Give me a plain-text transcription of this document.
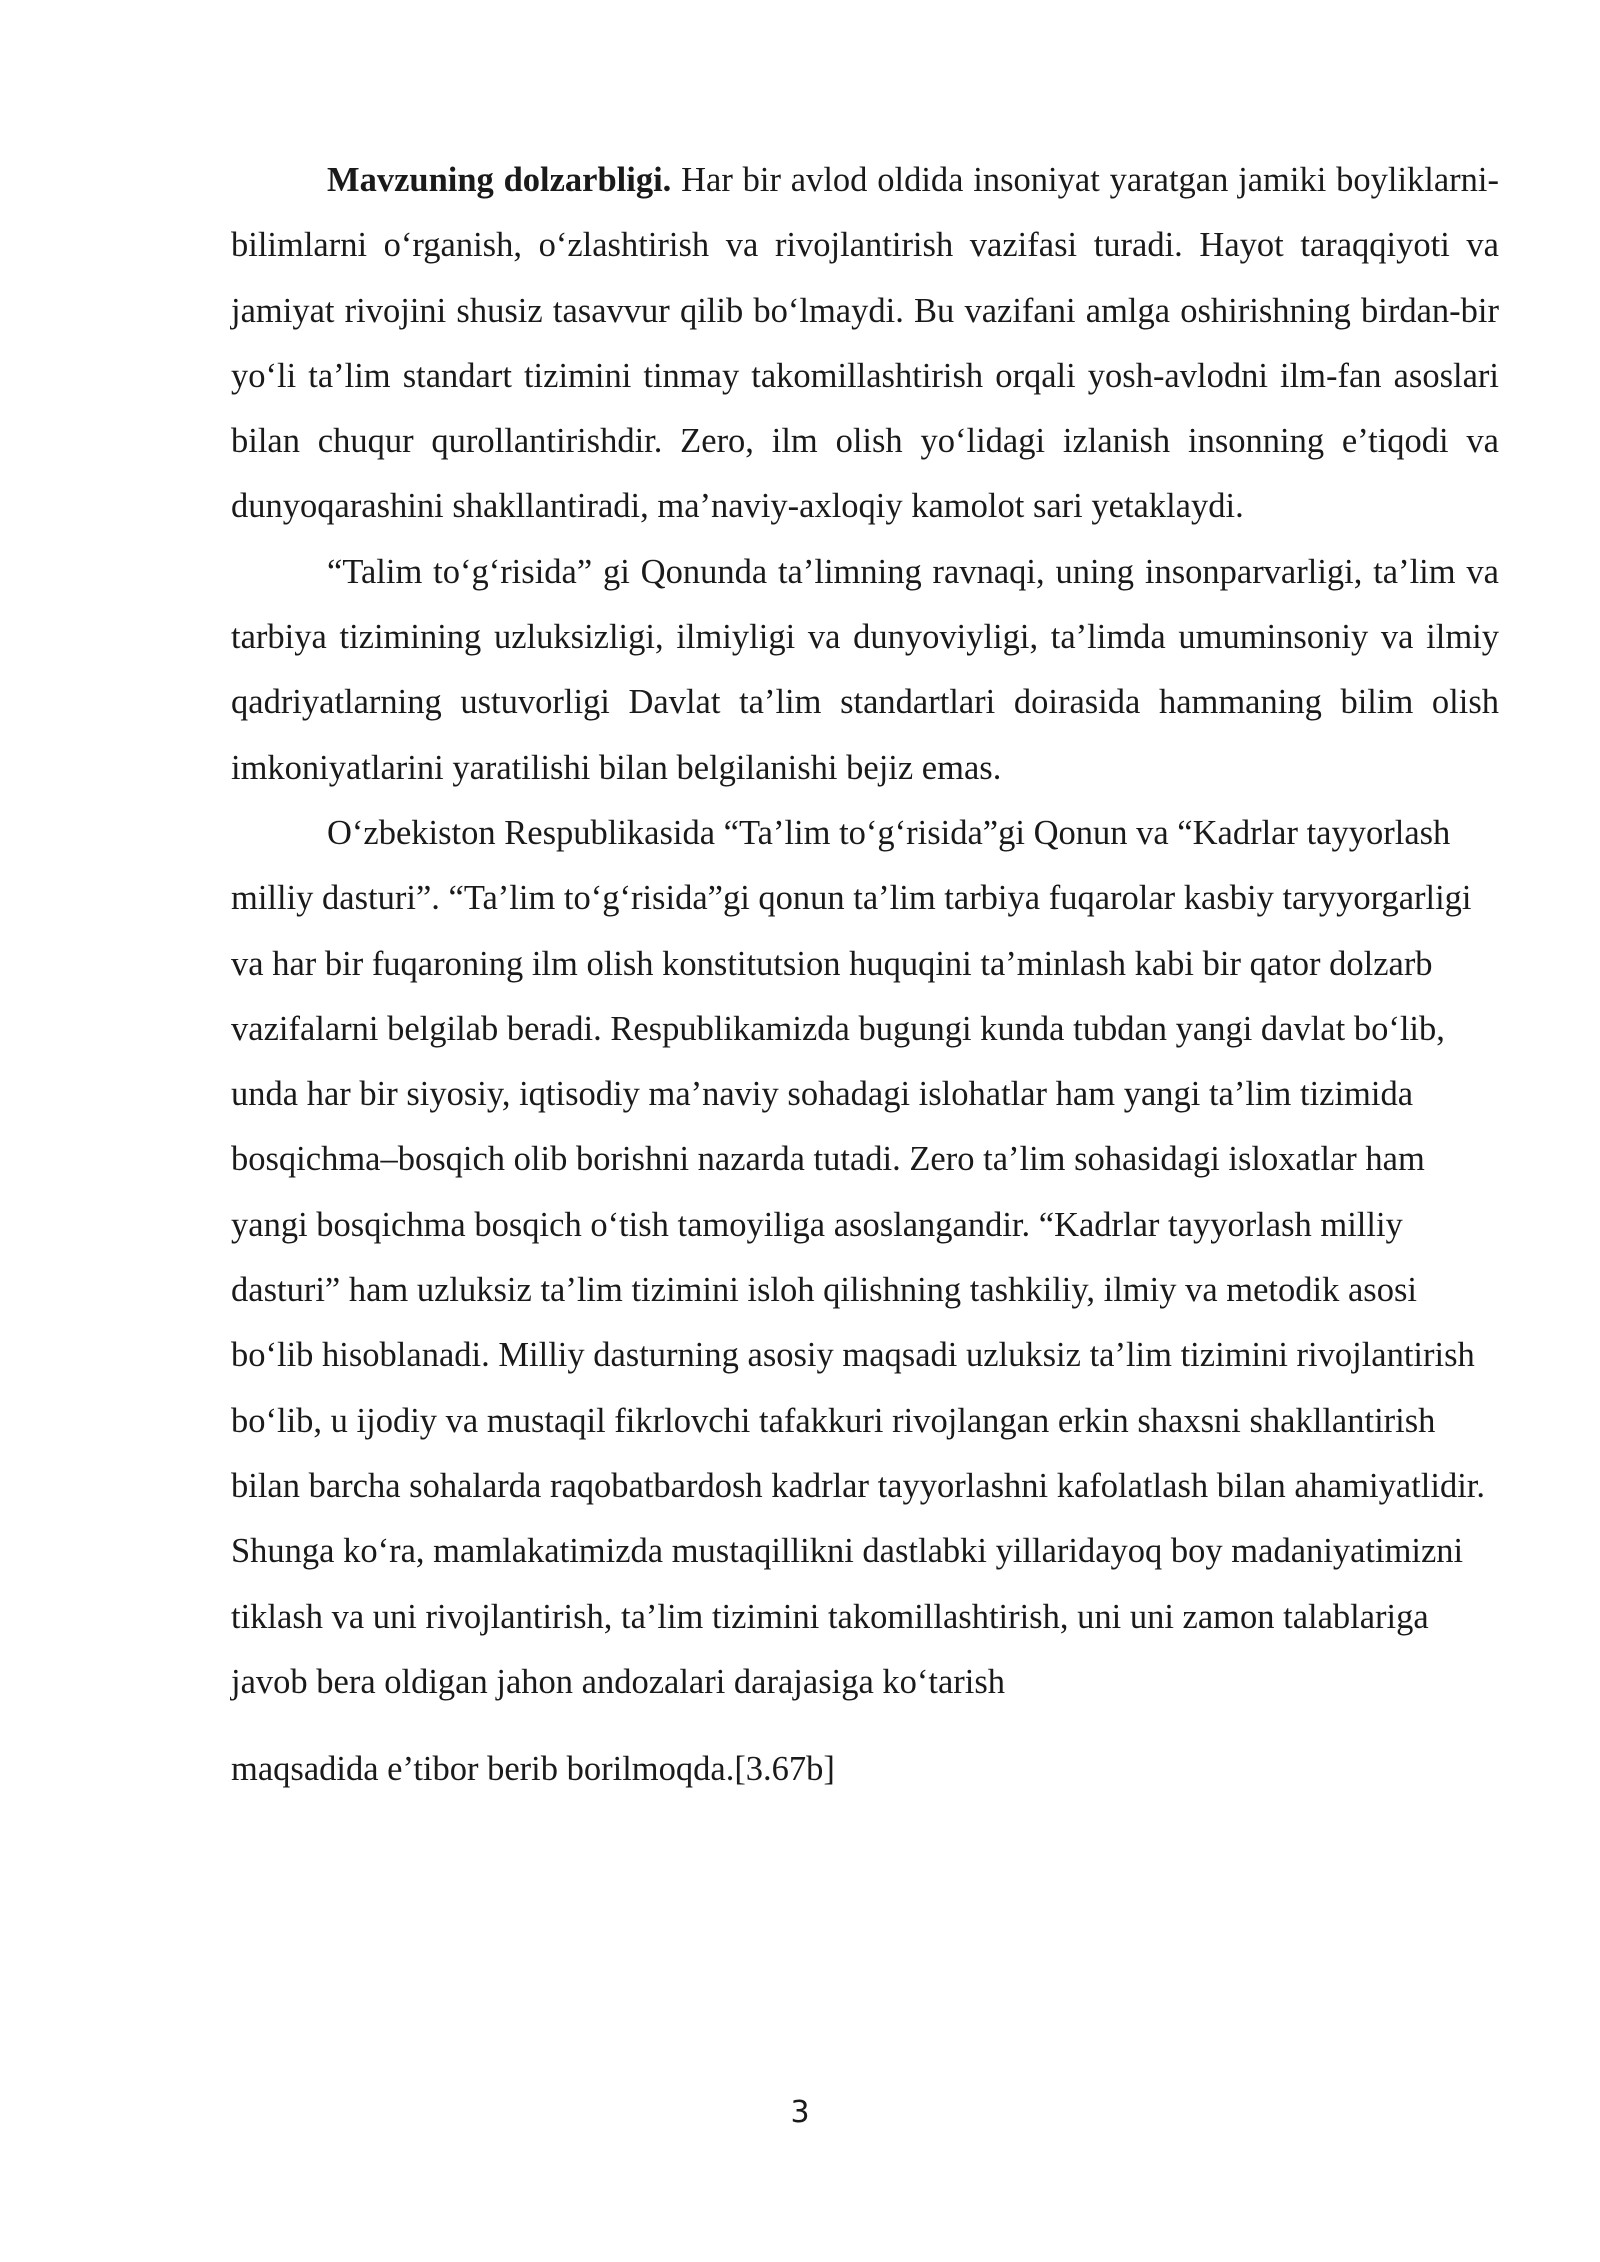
Mavzuning dolzarbligi. Har bir avlod oldida insoniyat yaratgan jamiki boyliklarni- bilimlarni o‘rganish, o‘zlashtirish va rivojlantirish vazifasi turadi. Hayot taraqqiyoti va jamiyat rivojini shusiz tasavvur qilib bo‘lmaydi. Bu vazifani amlga oshirishning birdan-bir yo‘li ta’lim standart tizimini tinmay takomillashtirish orqali yosh-avlodni ilm-fan asoslari bilan chuqur qurollantirishdir. Zero, ilm olish yo‘lidagi izlanish insonning e’tiqodi va dunyoqarashini shakllantiradi, ma’naviy-axloqiy kamolot sari yetaklaydi.

“Talim to‘g‘risida” gi Qonunda ta’limning ravnaqi, uning insonparvarligi, ta’lim va tarbiya tizimining uzluksizligi, ilmiyligi va dunyoviyligi, ta’limda umuminsoniy va ilmiy qadriyatlarning ustuvorligi Davlat ta’lim standartlari doirasida hammaning bilim olish imkoniyatlarini yaratilishi bilan belgilanishi bejiz emas.

O‘zbekiston Respublikasida “Ta’lim to‘g‘risida”gi Qonun va “Kadrlar tayyorlash milliy dasturi”. “Ta’lim to‘g‘risida”gi qonun ta’lim tarbiya fuqarolar kasbiy taryyorgarligi va har bir fuqaroning ilm olish konstitutsion huquqini ta’minlash kabi bir qator dolzarb vazifalarni belgilab beradi. Respublikamizda bugungi kunda tubdan yangi davlat bo‘lib, unda har bir siyosiy, iqtisodiy ma’naviy sohadagi islohatlar ham yangi ta’lim tizimida bosqichma–bosqich olib borishni nazarda tutadi. Zero ta’lim sohasidagi isloxatlar ham yangi bosqichma bosqich o‘tish tamoyiliga asoslangandir. “Kadrlar tayyorlash milliy dasturi” ham uzluksiz ta’lim tizimini isloh qilishning tashkiliy, ilmiy va metodik asosi bo‘lib hisoblanadi. Milliy dasturning asosiy maqsadi uzluksiz ta’lim tizimini rivojlantirish bo‘lib, u ijodiy va mustaqil fikrlovchi tafakkuri rivojlangan erkin shaxsni shakllantirish bilan barcha sohalarda raqobatbardosh kadrlar tayyorlashni kafolatlash bilan ahamiyatlidir. Shunga ko‘ra, mamlakatimizda mustaqillikni dastlabki yillaridayoq boy madaniyatimizni tiklash va uni rivojlantirish, ta’lim tizimini takomillashtirish, uni uni zamon talablariga javob bera oldigan jahon andozalari darajasiga ko‘tarish

maqsadida e’tibor berib borilmoqda.[3.67b]

3
